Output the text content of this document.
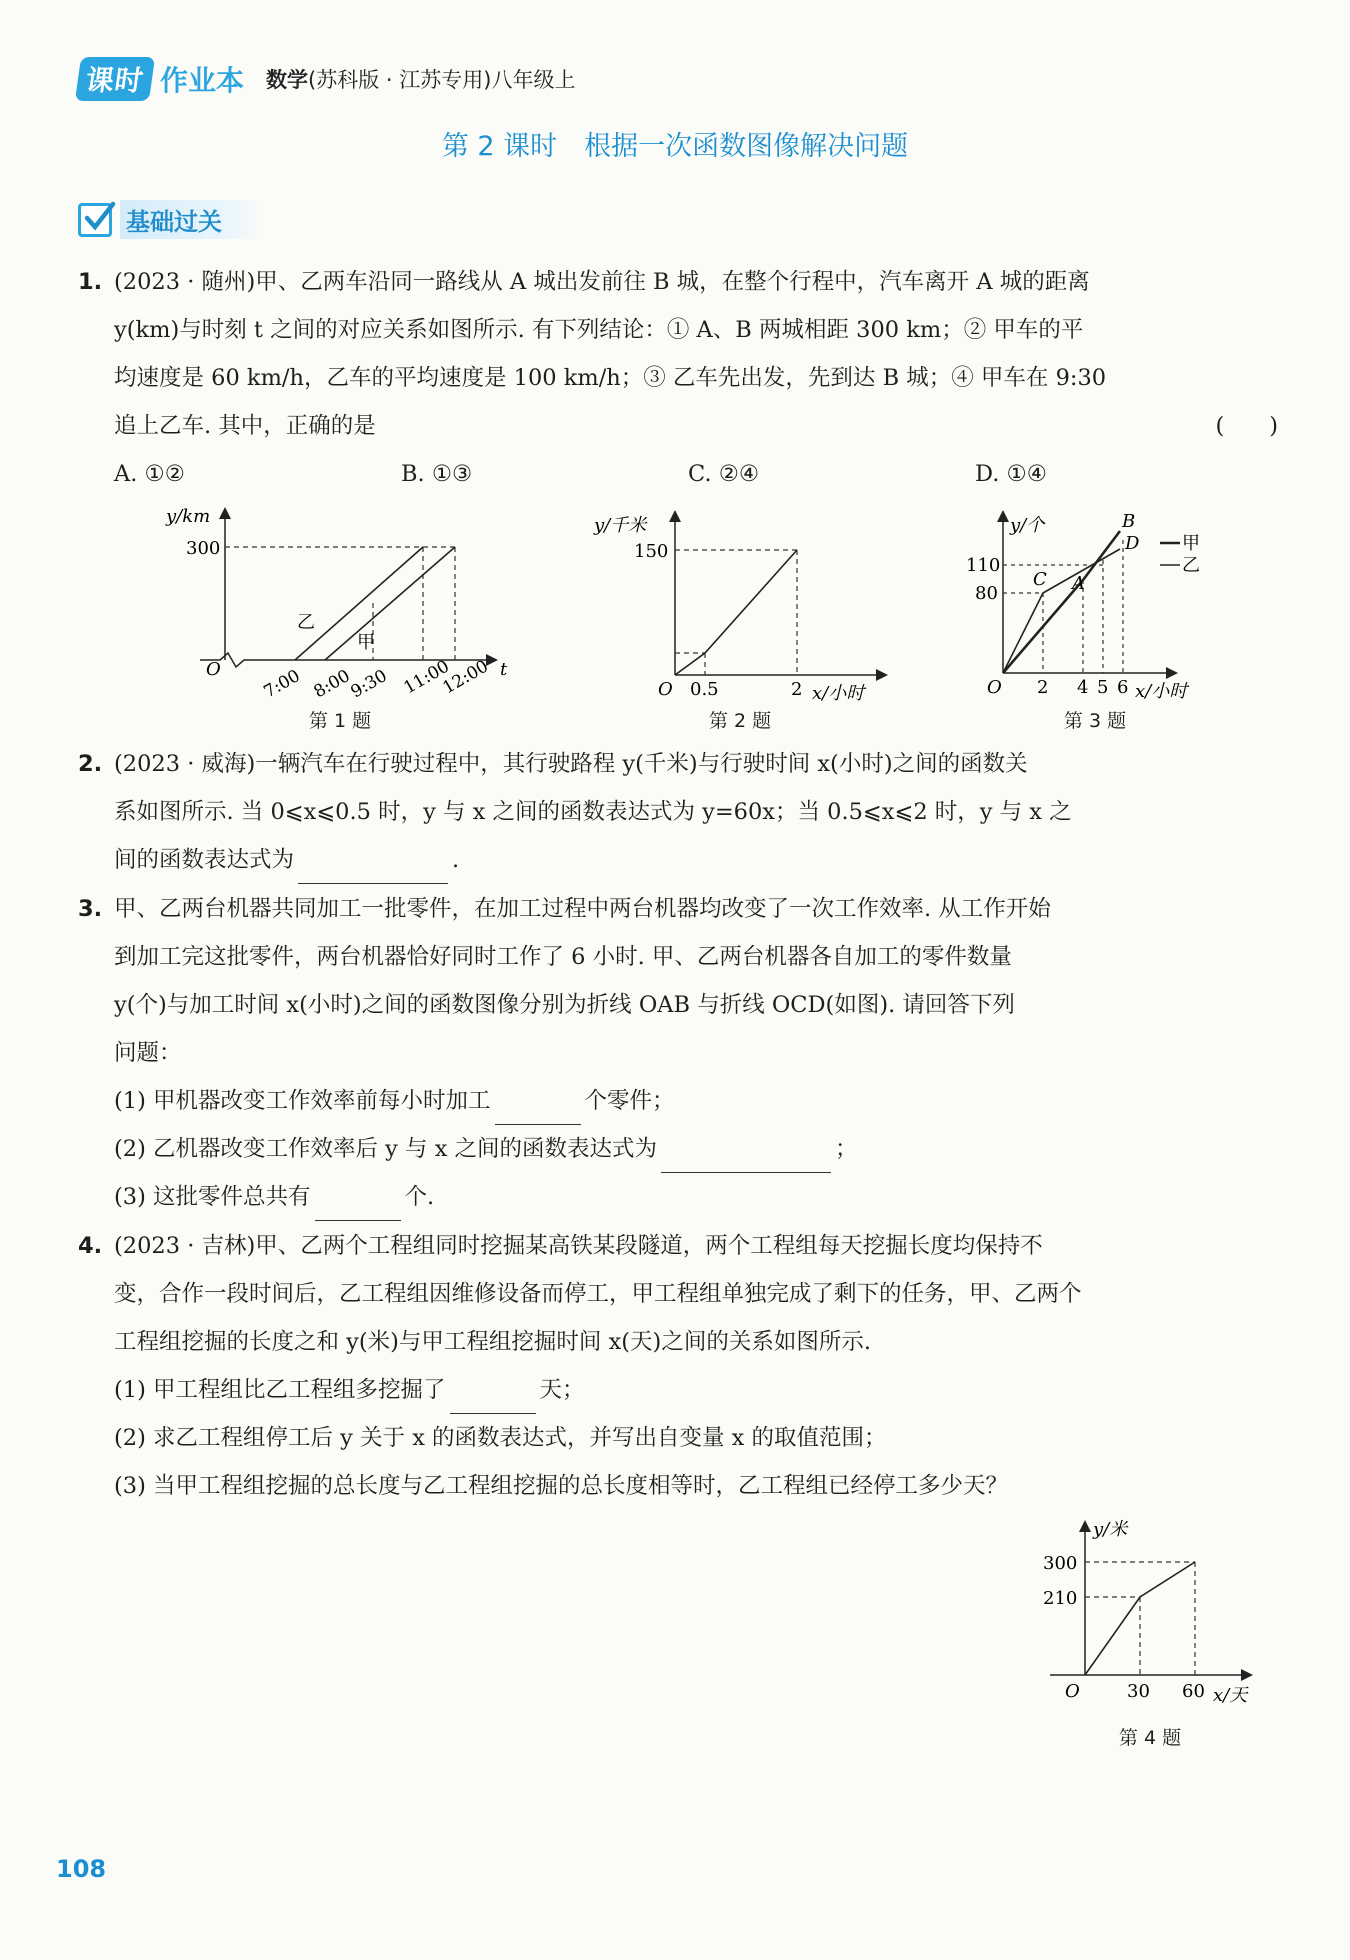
课时 作业本 数学(苏科版 · 江苏专用)八年级上
第 2 课时　根据一次函数图像解决问题
基础过关

1. (2023 · 随州)甲、乙两车沿同一路线从 A 城出发前往 B 城，在整个行程中，汽车离开 A 城的距离

y(km)与时刻 t 之间的对应关系如图所示. 有下列结论：① A、B 两城相距 300 km；② 甲车的平

均速度是 60 km/h，乙车的平均速度是 100 km/h；③ 乙车先出发，先到达 B 城；④ 甲车在 9:30

追上乙车. 其中，正确的是	(　　)

A. ①②	B. ①③	C. ②④	D. ①④
y/km
300
O	t
乙
甲
7:00 8:00
9:30 11:00
12:00
第 1 题
y/千米
150
O 0.5	2 x/小时
第 2 题
y/个
110
80
B
D
C A
甲
乙
O 2 4 5 6 x/小时
第 3 题

2. (2023 · 威海)一辆汽车在行驶过程中，其行驶路程 y(千米)与行驶时间 x(小时)之间的函数关

系如图所示. 当 0⩽x⩽0.5 时，y 与 x 之间的函数表达式为 y=60x；当 0.5⩽x⩽2 时，y 与 x 之

间的函数表达式为	.

3. 甲、乙两台机器共同加工一批零件，在加工过程中两台机器均改变了一次工作效率. 从工作开始

到加工完这批零件，两台机器恰好同时工作了 6 小时. 甲、乙两台机器各自加工的零件数量

y(个)与加工时间 x(小时)之间的函数图像分别为折线 OAB 与折线 OCD(如图). 请回答下列

问题：

(1) 甲机器改变工作效率前每小时加工	个零件；

(2) 乙机器改变工作效率后 y 与 x 之间的函数表达式为	；

(3) 这批零件总共有	个.

4. (2023 · 吉林)甲、乙两个工程组同时挖掘某高铁某段隧道，两个工程组每天挖掘长度均保持不

变，合作一段时间后，乙工程组因维修设备而停工，甲工程组单独完成了剩下的任务，甲、乙两个

工程组挖掘的长度之和 y(米)与甲工程组挖掘时间 x(天)之间的关系如图所示.

(1) 甲工程组比乙工程组多挖掘了	天；

(2) 求乙工程组停工后 y 关于 x 的函数表达式，并写出自变量 x 的取值范围；

(3) 当甲工程组挖掘的总长度与乙工程组挖掘的总长度相等时，乙工程组已经停工多少天？

y/米
300
210
O	30 60 x/天
第 4 题
108
